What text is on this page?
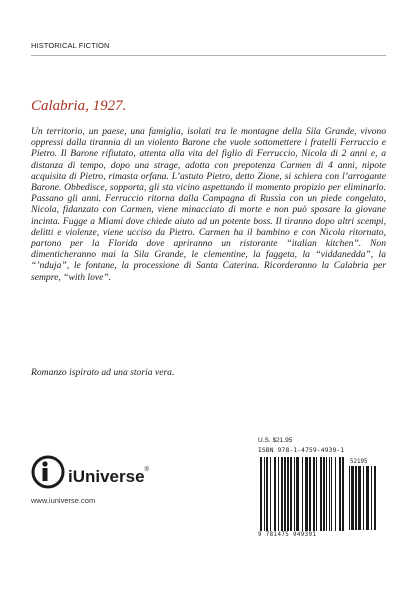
HISTORICAL FICTION
Calabria, 1927.
Un territorio, un paese, una famiglia, isolati tra le montagne della Sila Grande, vivono oppressi dalla tirannia di un violento Barone che vuole sottomettere i fratelli Ferruccio e Pietro. Il Barone rifiutato, attenta alla vita del figlio di Ferruccio, Nicola di 2 anni e, a distanza di tempo, dopo una strage, adotta con prepotenza Carmen di 4 anni, nipote acquisita di Pietro, rimasta orfana. L’astuto Pietro, detto Zione, si schiera con l’arrogante Barone. Obbedisce, sopporta, gli sta vicino aspettando il momento propizio per eliminarlo. Passano gli anni. Ferruccio ritorna dalla Campagna di Russia con un piede congelato, Nicola, fidanzato con Carmen, viene minacciato di morte e non può sposare la giovane incinta. Fugge a Miami dove chiede aiuto ad un potente boss. Il tiranno dopo altri scempi, delitti e violenze, viene ucciso da Pietro. Carmen ha il bambino e con Nicola ritornato, partono per la Florida dove apriranno un ristorante “italian kitchen”. Non dimenticheranno mai la Sila Grande, le clementine, la faggeta, la “viddanedda”, la “’nduja”, le fontane, la processione di Santa Caterina. Ricorderanno la Calabria per sempre, “with love”.
Romanzo ispirato ad una storia vera.
iUniverse®
www.iuniverse.com
U.S. $21.95
ISBN 978-1-4759-4939-1
52195
9 781475 949391
